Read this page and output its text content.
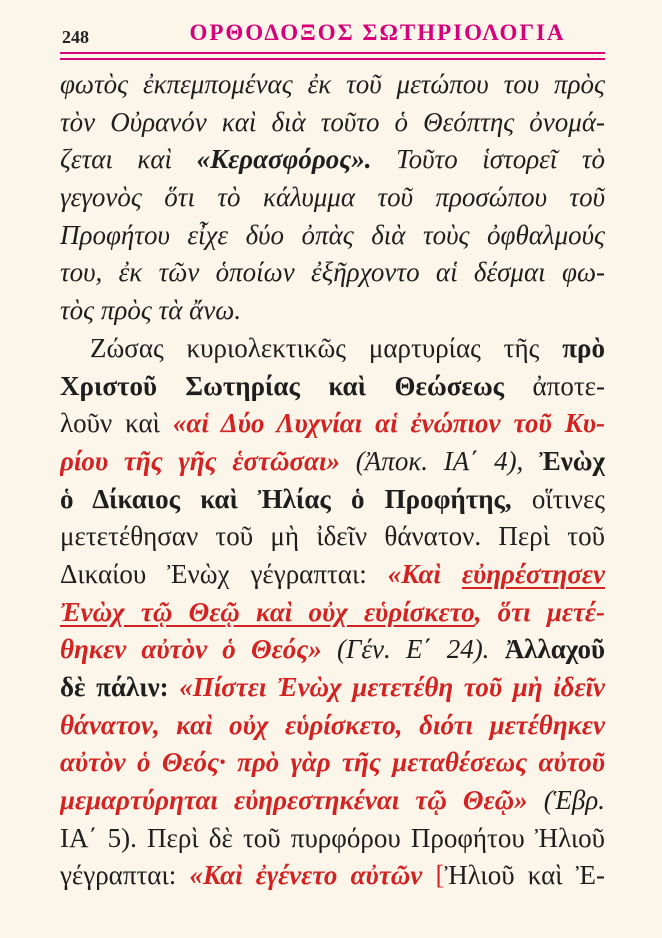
248	ΟΡΘΟΔΟΞΟΣ ΣΩΤΗΡΙΟΛΟΓΙΑ
φωτὸς ἐκπεμπομένας ἐκ τοῦ μετώπου του πρὸς
τὸν Οὐρανόν καὶ διὰ τοῦτο ὁ Θεόπτης ὀνομά-
ζεται καὶ «Κερασφόρος». Τοῦτο ἱστορεῖ τὸ
γεγονὸς ὅτι τὸ κάλυμμα τοῦ προσώπου τοῦ
Προφήτου εἶχε δύο ὀπὰς διὰ τοὺς ὀφθαλμούς
του, ἐκ τῶν ὁποίων ἐξῆρχοντο αἱ δέσμαι φω-
τὸς πρὸς τὰ ἄνω.
Ζώσας κυριολεκτικῶς μαρτυρίας τῆς πρὸ
Χριστοῦ Σωτηρίας καὶ Θεώσεως ἀποτε-
λοῦν καὶ «αἱ Δύο Λυχνίαι αἱ ἐνώπιον τοῦ Κυ-
ρίου τῆς γῆς ἑστῶσαι» (Ἀποκ. ΙΑ΄ 4), Ἐνὼχ
ὁ Δίκαιος καὶ Ἠλίας ὁ Προφήτης, οἵτινες
μετετέθησαν τοῦ μὴ ἰδεῖν θάνατον. Περὶ τοῦ
Δικαίου Ἐνὼχ γέγραπται: «Καὶ εὐηρέστησεν
Ἐνὼχ τῷ Θεῷ καὶ οὐχ εὑρίσκετο, ὅτι μετέ-
θηκεν αὐτὸν ὁ Θεός» (Γέν. Ε΄ 24). Ἀλλαχοῦ
δὲ πάλιν: «Πίστει Ἐνὼχ μετετέθη τοῦ μὴ ἰδεῖν
θάνατον, καὶ οὐχ εὑρίσκετο, διότι μετέθηκεν
αὐτὸν ὁ Θεός· πρὸ γὰρ τῆς μεταθέσεως αὐτοῦ
μεμαρτύρηται εὐηρεστηκέναι τῷ Θεῷ» (Ἑβρ.
ΙΑ΄ 5). Περὶ δὲ τοῦ πυρφόρου Προφήτου Ἠλιοῦ
γέγραπται: «Καὶ ἐγένετο αὐτῶν [Ἠλιοῦ καὶ Ἐ-
